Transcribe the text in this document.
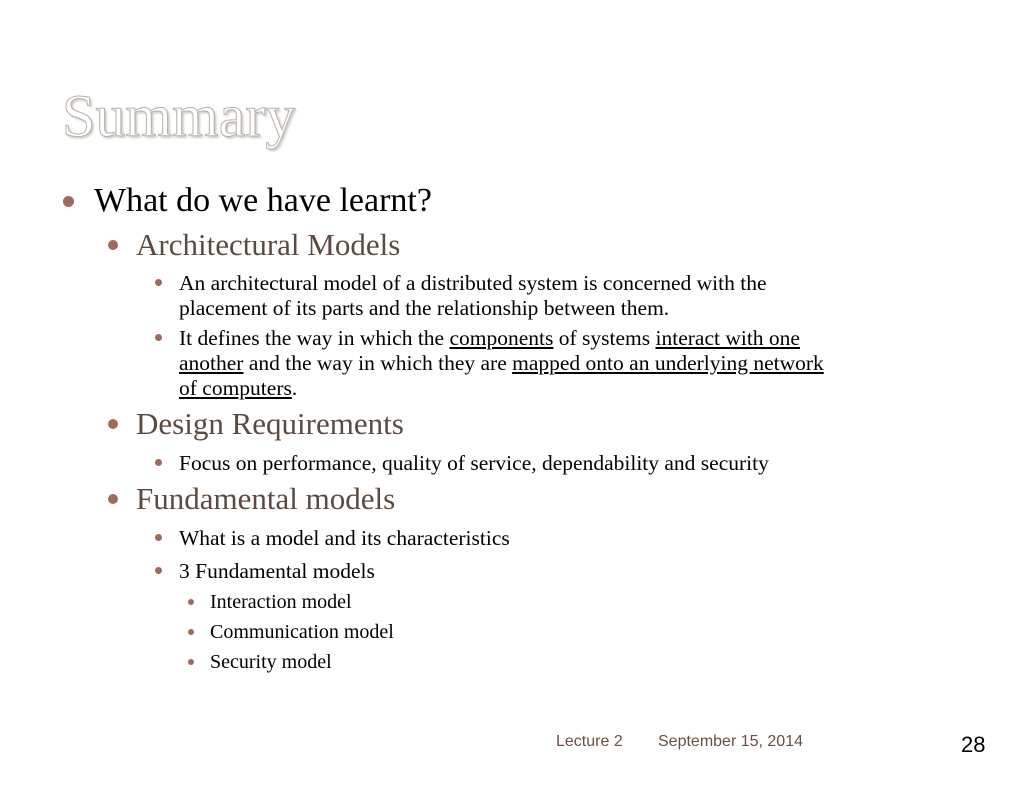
Summary
What do we have learnt?
Architectural Models
An architectural model of a distributed system is concerned with the
placement of its parts and the relationship between them.
It defines the way in which the components of systems interact with one
another and the way in which they are mapped onto an underlying network
of computers.
Design Requirements
Focus on performance, quality of service, dependability and security
Fundamental models
What is a model and its characteristics
3 Fundamental models
Interaction model
Communication model
Security model
Lecture 2 September 15, 2014	28
